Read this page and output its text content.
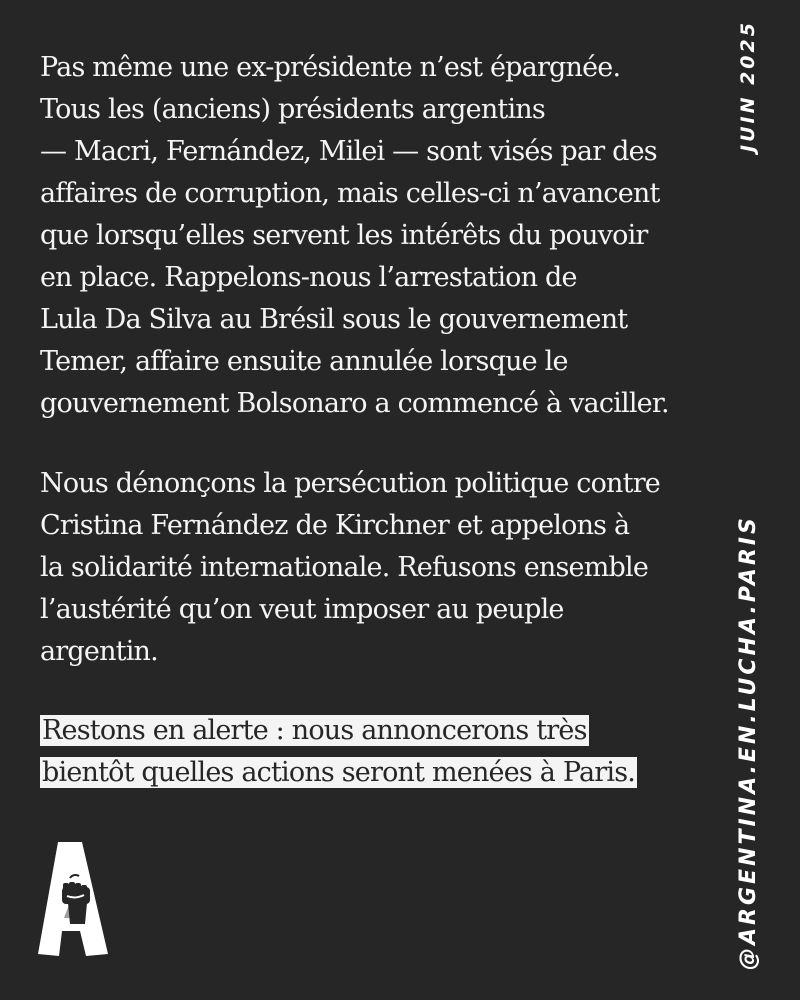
JUIN 2025

Pas même une ex-présidente n’est épargnée.
Tous les (anciens) présidents argentins
— Macri, Fernández, Milei — sont visés par des
affaires de corruption, mais celles-ci n’avancent
que lorsqu’elles servent les intérêts du pouvoir
en place. Rappelons-nous l’arrestation de
Lula Da Silva au Brésil sous le gouvernement
Temer, affaire ensuite annulée lorsque le
gouvernement Bolsonaro a commencé à vaciller.

Nous dénonçons la persécution politique contre
Cristina Fernández de Kirchner et appelons à
la solidarité internationale. Refusons ensemble
l’austérité qu’on veut imposer au peuple
argentin.

Restons en alerte : nous annoncerons très
bientôt quelles actions seront menées à Paris.	@ARGENTINA.EN.LUCHA.PARIS
